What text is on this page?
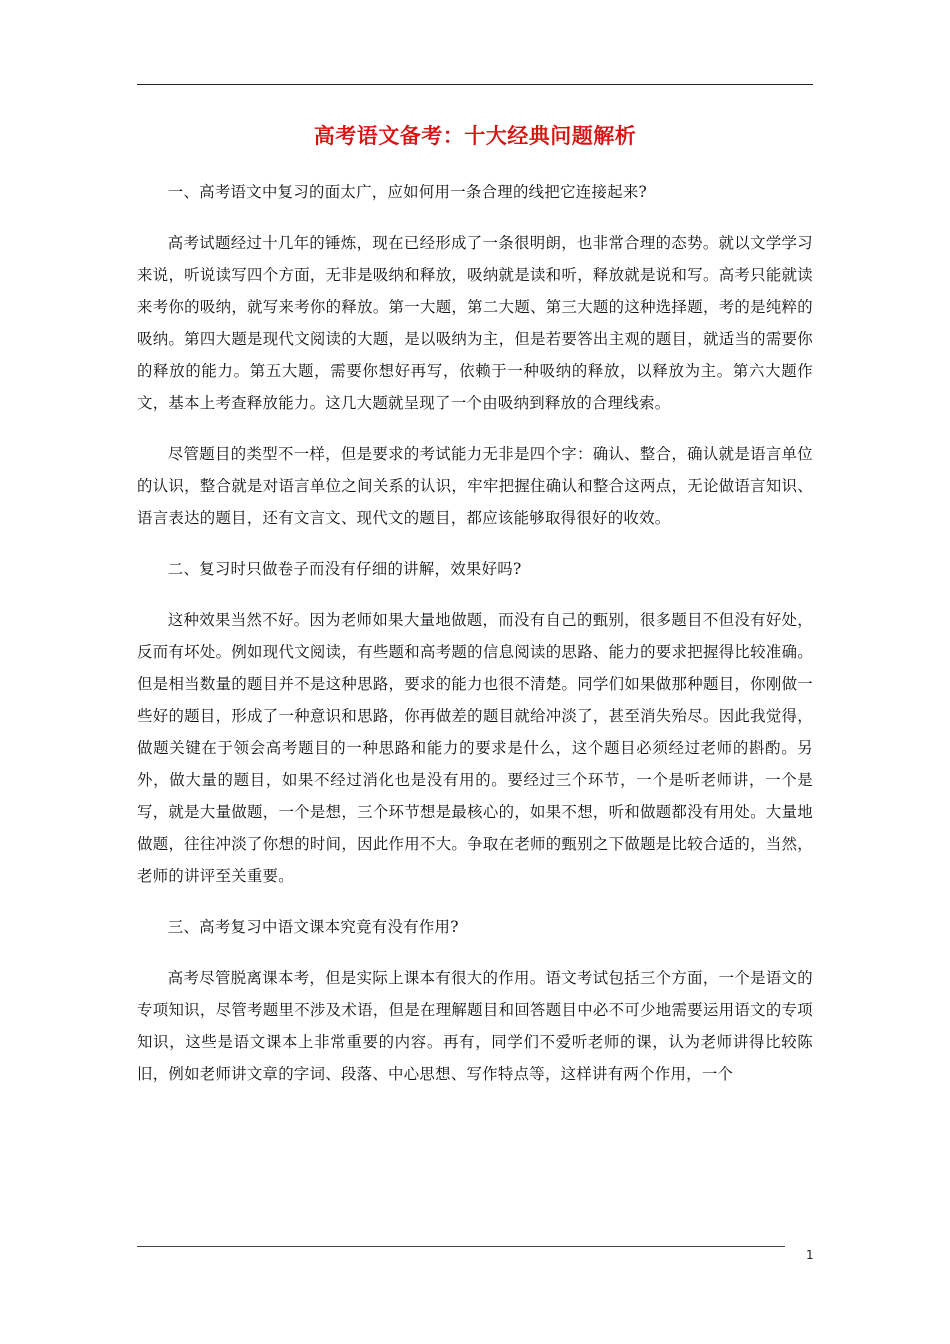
高考语文备考：十大经典问题解析

一、高考语文中复习的面太广，应如何用一条合理的线把它连接起来?

高考试题经过十几年的锤炼，现在已经形成了一条很明朗，也非常合理的态势。就以文学学习来说，听说读写四个方面，无非是吸纳和释放，吸纳就是读和听，释放就是说和写。高考只能就读来考你的吸纳，就写来考你的释放。第一大题，第二大题、第三大题的这种选择题，考的是纯粹的吸纳。第四大题是现代文阅读的大题，是以吸纳为主，但是若要答出主观的题目，就适当的需要你的释放的能力。第五大题，需要你想好再写，依赖于一种吸纳的释放，以释放为主。第六大题作文，基本上考查释放能力。这几大题就呈现了一个由吸纳到释放的合理线索。

尽管题目的类型不一样，但是要求的考试能力无非是四个字：确认、整合，确认就是语言单位的认识，整合就是对语言单位之间关系的认识，牢牢把握住确认和整合这两点，无论做语言知识、语言表达的题目，还有文言文、现代文的题目，都应该能够取得很好的收效。

二、复习时只做卷子而没有仔细的讲解，效果好吗?

这种效果当然不好。因为老师如果大量地做题，而没有自己的甄别，很多题目不但没有好处，反而有坏处。例如现代文阅读，有些题和高考题的信息阅读的思路、能力的要求把握得比较准确。但是相当数量的题目并不是这种思路，要求的能力也很不清楚。同学们如果做那种题目，你刚做一些好的题目，形成了一种意识和思路，你再做差的题目就给冲淡了，甚至消失殆尽。因此我觉得，做题关键在于领会高考题目的一种思路和能力的要求是什么，这个题目必须经过老师的斟酌。另外，做大量的题目，如果不经过消化也是没有用的。要经过三个环节，一个是听老师讲，一个是写，就是大量做题，一个是想，三个环节想是最核心的，如果不想，听和做题都没有用处。大量地做题，往往冲淡了你想的时间，因此作用不大。争取在老师的甄别之下做题是比较合适的，当然，老师的讲评至关重要。

三、高考复习中语文课本究竟有没有作用?

高考尽管脱离课本考，但是实际上课本有很大的作用。语文考试包括三个方面，一个是语文的专项知识，尽管考题里不涉及术语，但是在理解题目和回答题目中必不可少地需要运用语文的专项知识，这些是语文课本上非常重要的内容。再有，同学们不爱听老师的课，认为老师讲得比较陈旧，例如老师讲文章的字词、段落、中心思想、写作特点等，这样讲有两个作用，一个

1
